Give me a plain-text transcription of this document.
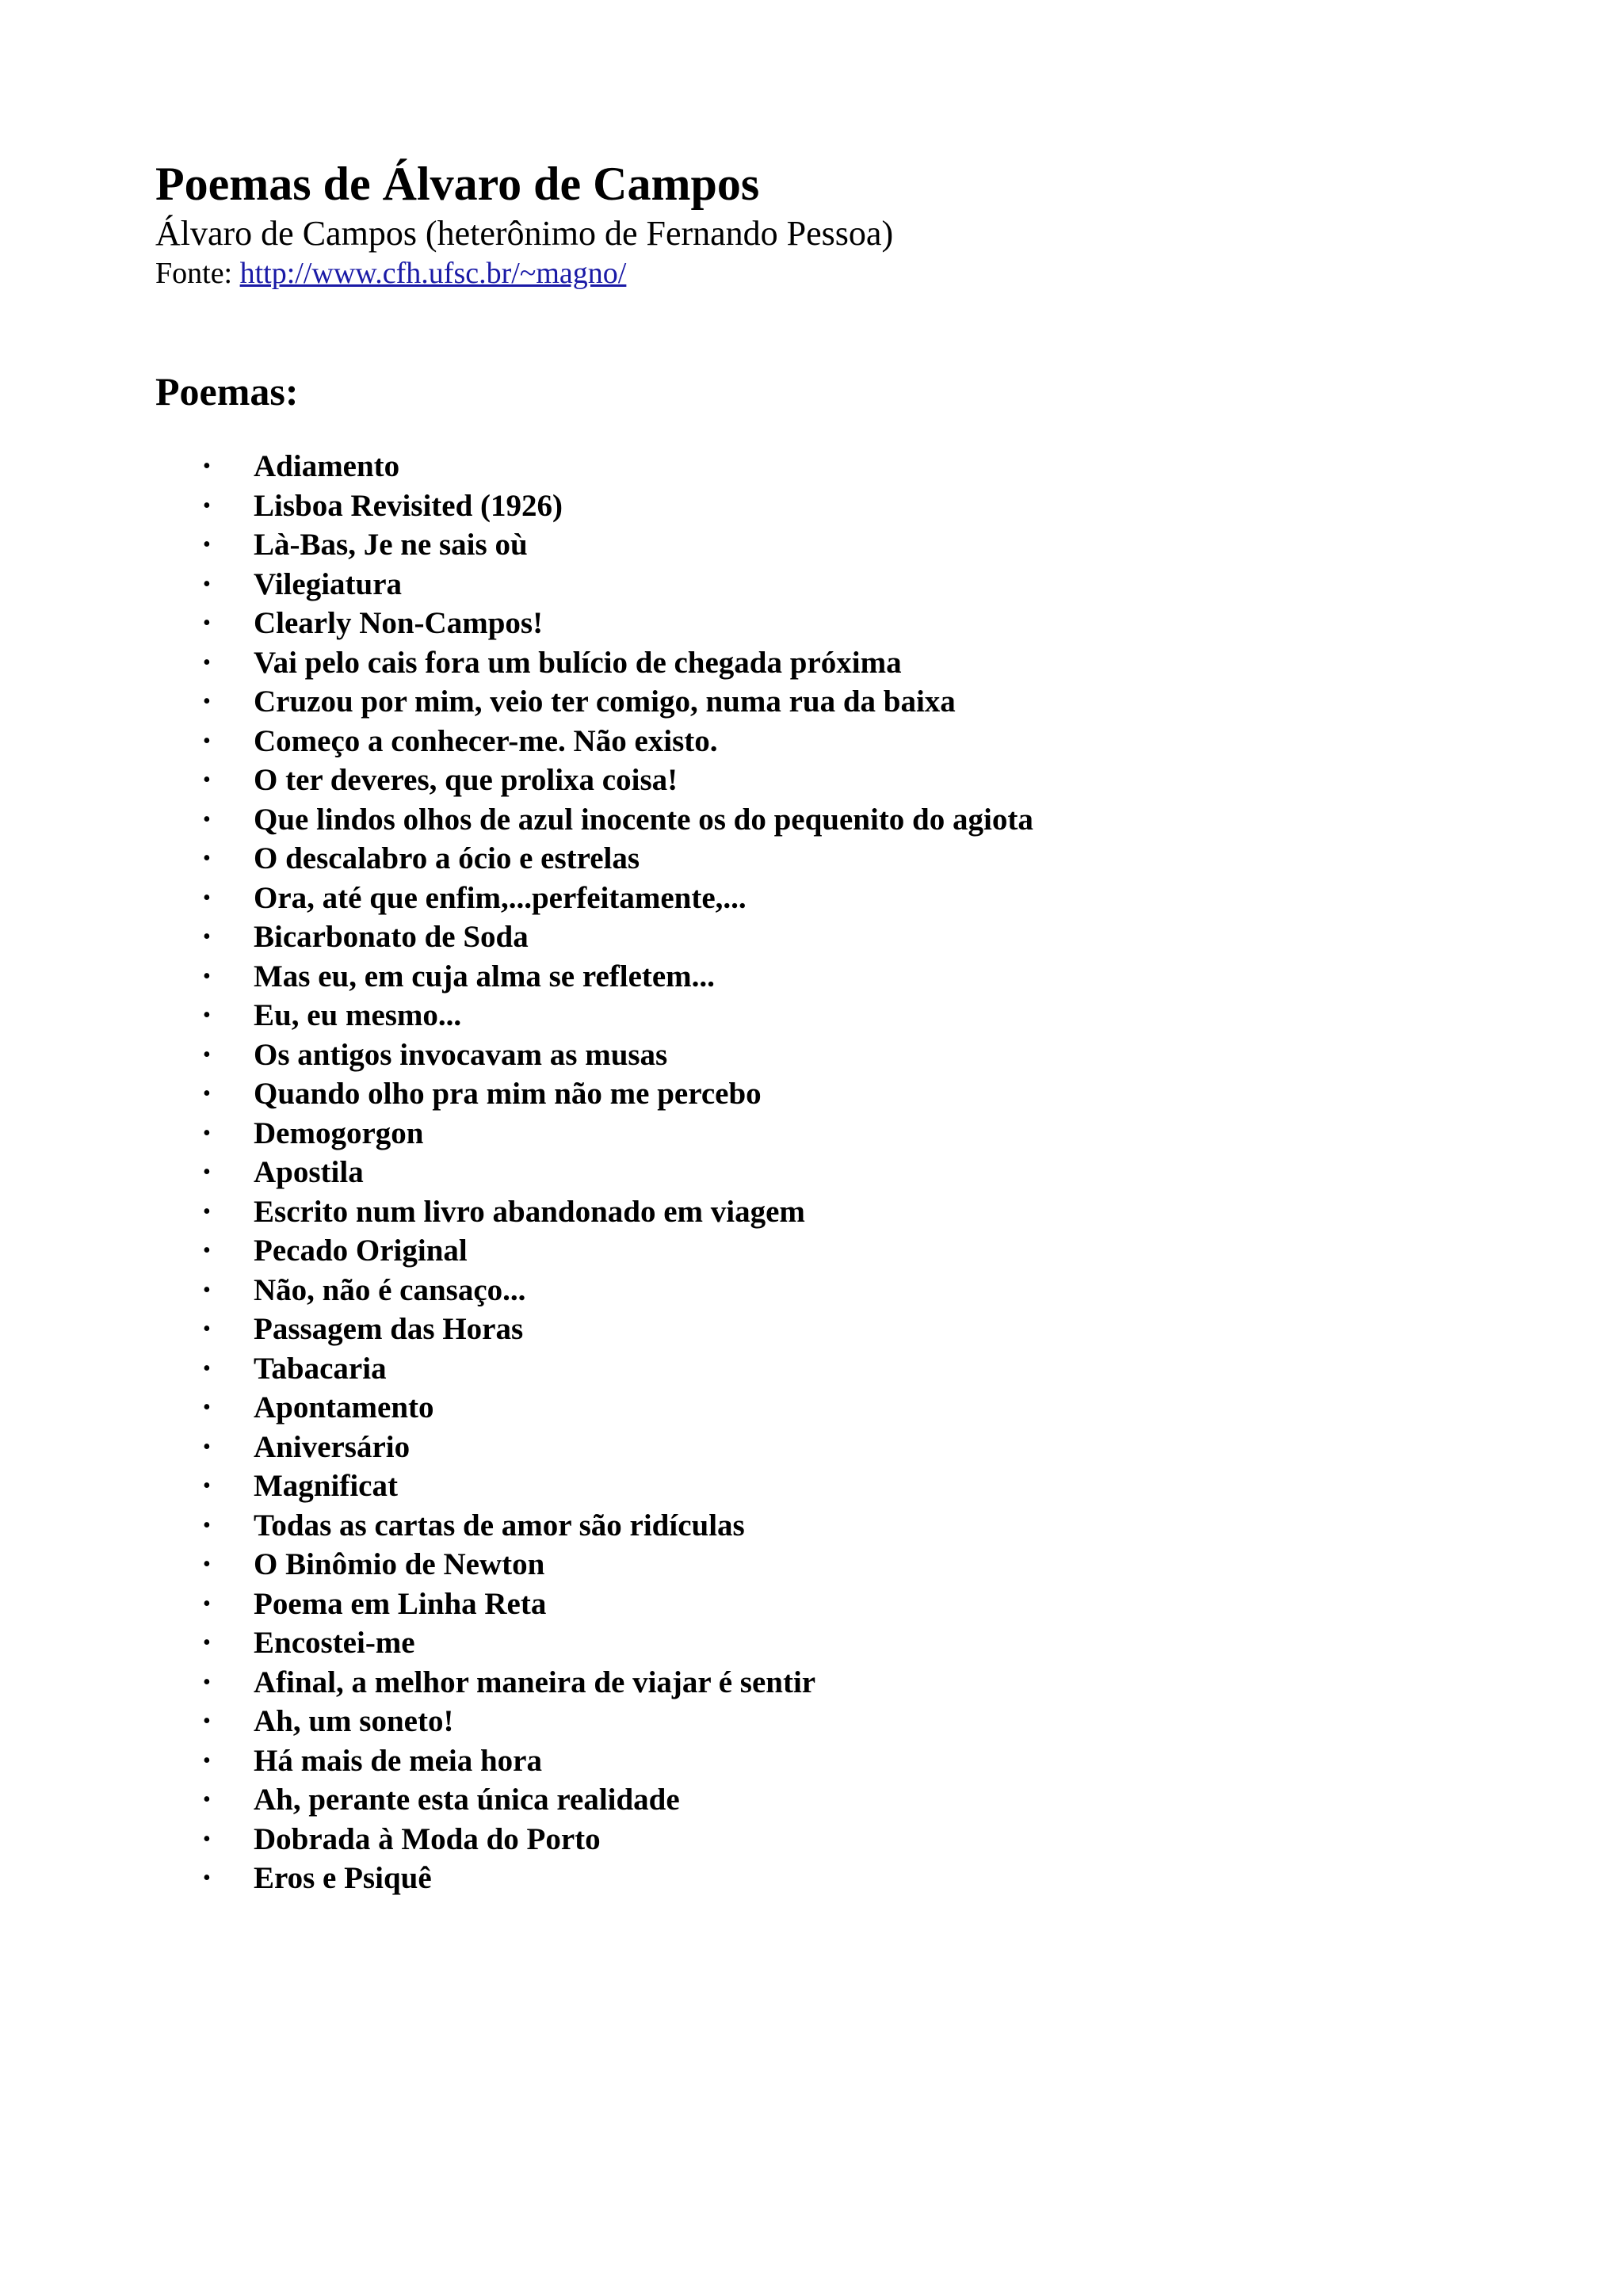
Poemas de Álvaro de Campos

Álvaro de Campos (heterônimo de Fernando Pessoa)

Fonte: http://www.cfh.ufsc.br/~magno/

Poemas:
• Adiamento
• Lisboa Revisited (1926)
• Là-Bas, Je ne sais où
• Vilegiatura
• Clearly Non-Campos!
• Vai pelo cais fora um bulício de chegada próxima
• Cruzou por mim, veio ter comigo, numa rua da baixa
• Começo a conhecer-me. Não existo.
• O ter deveres, que prolixa coisa!
• Que lindos olhos de azul inocente os do pequenito do agiota
• O descalabro a ócio e estrelas
• Ora, até que enfim,...perfeitamente,...
• Bicarbonato de Soda
• Mas eu, em cuja alma se refletem...
• Eu, eu mesmo...
• Os antigos invocavam as musas
• Quando olho pra mim não me percebo
• Demogorgon
• Apostila
• Escrito num livro abandonado em viagem
• Pecado Original
• Não, não é cansaço...
• Passagem das Horas
• Tabacaria
• Apontamento
• Aniversário
• Magnificat
• Todas as cartas de amor são ridículas
• O Binômio de Newton
• Poema em Linha Reta
• Encostei-me
• Afinal, a melhor maneira de viajar é sentir
• Ah, um soneto!
• Há mais de meia hora
• Ah, perante esta única realidade
• Dobrada à Moda do Porto
• Eros e Psiquê
